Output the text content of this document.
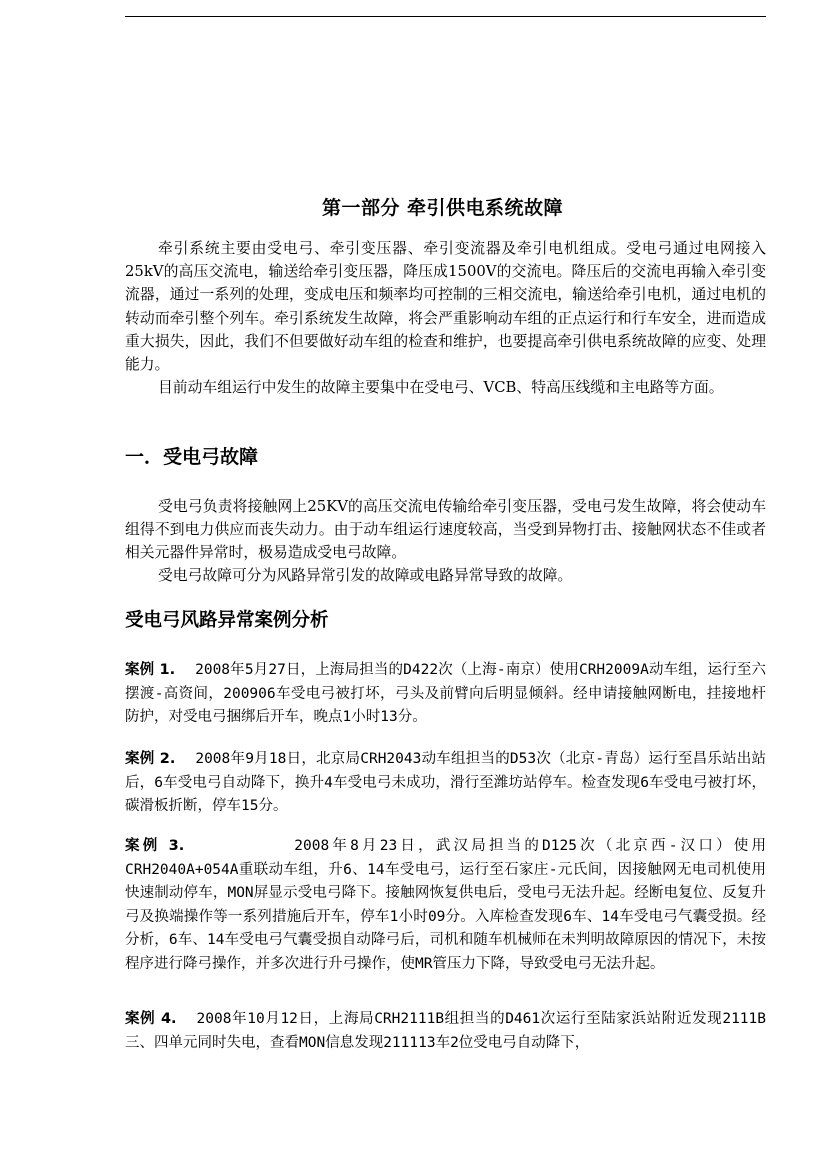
第一部分 牵引供电系统故障

牵引系统主要由受电弓、牵引变压器、牵引变流器及牵引电机组成。受电弓通过电网接入25kV的高压交流电，输送给牵引变压器，降压成1500V的交流电。降压后的交流电再输入牵引变流器，通过一系列的处理，变成电压和频率均可控制的三相交流电，输送给牵引电机，通过电机的转动而牵引整个列车。牵引系统发生故障，将会严重影响动车组的正点运行和行车安全，进而造成重大损失，因此，我们不但要做好动车组的检查和维护，也要提高牵引供电系统故障的应变、处理能力。

目前动车组运行中发生的故障主要集中在受电弓、VCB、特高压线缆和主电路等方面。

一．受电弓故障

受电弓负责将接触网上25KV的高压交流电传输给牵引变压器，受电弓发生故障，将会使动车组得不到电力供应而丧失动力。由于动车组运行速度较高，当受到异物打击、接触网状态不佳或者相关元器件异常时，极易造成受电弓故障。

受电弓故障可分为风路异常引发的故障或电路异常导致的故障。

受电弓风路异常案例分析
案例 1. 2008年5月27日，上海局担当的D422次（上海-南京）使用CRH2009A动车组，运行至六摆渡-高资间，200906车受电弓被打坏，弓头及前臂向后明显倾斜。经申请接触网断电，挂接地杆防护，对受电弓捆绑后开车，晚点1小时13分。
案例 2. 2008年9月18日，北京局CRH2043动车组担当的D53次（北京-青岛）运行至昌乐站出站后，6车受电弓自动降下，换升4车受电弓未成功，滑行至潍坊站停车。检查发现6车受电弓被打坏，碳滑板折断，停车15分。
案例 3.	2008年8月23日，武汉局担当的D125次（北京西-汉口）使用CRH2040A+054A重联动车组，升6、14车受电弓，运行至石家庄-元氏间，因接触网无电司机使用快速制动停车，MON屏显示受电弓降下。接触网恢复供电后，受电弓无法升起。经断电复位、反复升弓及换端操作等一系列措施后开车，停车1小时09分。入库检查发现6车、14车受电弓气囊受损。经分析，6车、14车受电弓气囊受损自动降弓后，司机和随车机械师在未判明故障原因的情况下，未按程序进行降弓操作，并多次进行升弓操作，使MR管压力下降，导致受电弓无法升起。
案例 4. 2008年10月12日，上海局CRH2111B组担当的D461次运行至陆家浜站附近发现2111B三、四单元同时失电，查看MON信息发现211113车2位受电弓自动降下，
